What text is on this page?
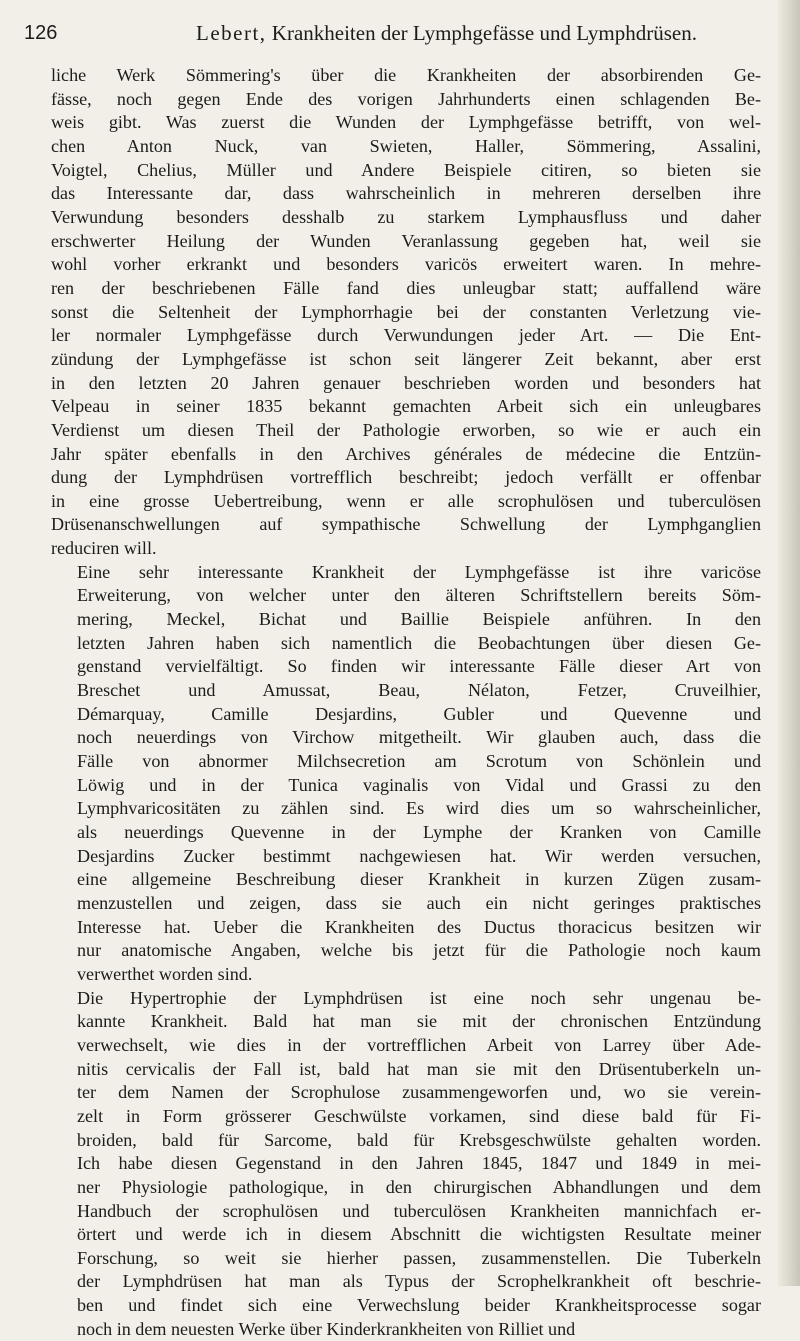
126	Lebert, Krankheiten der Lymphgefässe und Lymphdrüsen.

liche Werk Sömmering's über die Krankheiten der absorbirenden Ge-
fässe, noch gegen Ende des vorigen Jahrhunderts einen schlagenden Be-
weis gibt. Was zuerst die Wunden der Lymphgefässe betrifft, von wel-
chen Anton Nuck, van Swieten, Haller, Sömmering, Assalini,
Voigtel, Chelius, Müller und Andere Beispiele citiren, so bieten sie
das Interessante dar, dass wahrscheinlich in mehreren derselben ihre
Verwundung besonders desshalb zu starkem Lymphausfluss und daher
erschwerter Heilung der Wunden Veranlassung gegeben hat, weil sie
wohl vorher erkrankt und besonders varicös erweitert waren. In mehre-
ren der beschriebenen Fälle fand dies unleugbar statt; auffallend wäre
sonst die Seltenheit der Lymphorrhagie bei der constanten Verletzung vie-
ler normaler Lymphgefässe durch Verwundungen jeder Art. — Die Ent-
zündung der Lymphgefässe ist schon seit längerer Zeit bekannt, aber erst
in den letzten 20 Jahren genauer beschrieben worden und besonders hat
Velpeau in seiner 1835 bekannt gemachten Arbeit sich ein unleugbares
Verdienst um diesen Theil der Pathologie erworben, so wie er auch ein
Jahr später ebenfalls in den Archives générales de médecine die Entzün-
dung der Lymphdrüsen vortrefflich beschreibt; jedoch verfällt er offenbar
in eine grosse Uebertreibung, wenn er alle scrophulösen und tuberculösen
Drüsenanschwellungen auf sympathische Schwellung der Lymphganglien
reduciren will.

Eine sehr interessante Krankheit der Lymphgefässe ist ihre varicöse
Erweiterung, von welcher unter den älteren Schriftstellern bereits Söm-
mering, Meckel, Bichat und Baillie Beispiele anführen. In den
letzten Jahren haben sich namentlich die Beobachtungen über diesen Ge-
genstand vervielfältigt. So finden wir interessante Fälle dieser Art von
Breschet und Amussat, Beau, Nélaton, Fetzer, Cruveilhier,
Démarquay, Camille Desjardins, Gubler und Quevenne und
noch neuerdings von Virchow mitgetheilt. Wir glauben auch, dass die
Fälle von abnormer Milchsecretion am Scrotum von Schönlein und
Löwig und in der Tunica vaginalis von Vidal und Grassi zu den
Lymphvaricositäten zu zählen sind. Es wird dies um so wahrscheinlicher,
als neuerdings Quevenne in der Lymphe der Kranken von Camille
Desjardins Zucker bestimmt nachgewiesen hat. Wir werden versuchen,
eine allgemeine Beschreibung dieser Krankheit in kurzen Zügen zusam-
menzustellen und zeigen, dass sie auch ein nicht geringes praktisches
Interesse hat. Ueber die Krankheiten des Ductus thoracicus besitzen wir
nur anatomische Angaben, welche bis jetzt für die Pathologie noch kaum
verwerthet worden sind.

Die Hypertrophie der Lymphdrüsen ist eine noch sehr ungenau be-
kannte Krankheit. Bald hat man sie mit der chronischen Entzündung
verwechselt, wie dies in der vortrefflichen Arbeit von Larrey über Ade-
nitis cervicalis der Fall ist, bald hat man sie mit den Drüsentuberkeln un-
ter dem Namen der Scrophulose zusammengeworfen und, wo sie verein-
zelt in Form grösserer Geschwülste vorkamen, sind diese bald für Fi-
broiden, bald für Sarcome, bald für Krebsgeschwülste gehalten worden.
Ich habe diesen Gegenstand in den Jahren 1845, 1847 und 1849 in mei-
ner Physiologie pathologique, in den chirurgischen Abhandlungen und dem
Handbuch der scrophulösen und tuberculösen Krankheiten mannichfach er-
örtert und werde ich in diesem Abschnitt die wichtigsten Resultate meiner
Forschung, so weit sie hierher passen, zusammenstellen. Die Tuberkeln
der Lymphdrüsen hat man als Typus der Scrophelkrankheit oft beschrie-
ben und findet sich eine Verwechslung beider Krankheitsprocesse sogar
noch in dem neuesten Werke über Kinderkrankheiten von Rilliet und
